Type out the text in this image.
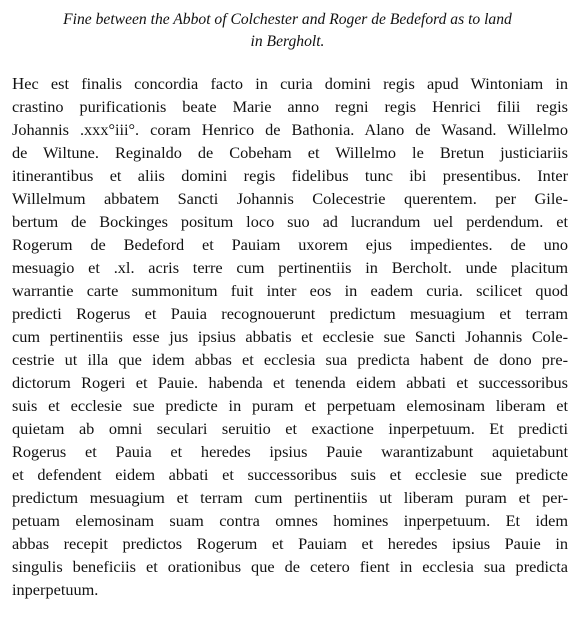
Fine between the Abbot of Colchester and Roger de Bedeford as to land
in Bergholt.
Hec est finalis concordia facto in curia domini regis apud Wintoniam in
crastino purificationis beate Marie anno regni regis Henrici filii regis
Johannis .xxx°iii°. coram Henrico de Bathonia. Alano de Wasand. Willelmo
de Wiltune. Reginaldo de Cobeham et Willelmo le Bretun justiciariis
itinerantibus et aliis domini regis fidelibus tunc ibi presentibus. Inter
Willelmum abbatem Sancti Johannis Colecestrie querentem. per Gile-
bertum de Bockinges positum loco suo ad lucrandum uel perdendum. et
Rogerum de Bedeford et Pauiam uxorem ejus impedientes. de uno
mesuagio et .xl. acris terre cum pertinentiis in Bercholt. unde placitum
warrantie carte summonitum fuit inter eos in eadem curia. scilicet quod
predicti Rogerus et Pauia recognouerunt predictum mesuagium et terram
cum pertinentiis esse jus ipsius abbatis et ecclesie sue Sancti Johannis Cole-
cestrie ut illa que idem abbas et ecclesia sua predicta habent de dono pre-
dictorum Rogeri et Pauie. habenda et tenenda eidem abbati et successoribus
suis et ecclesie sue predicte in puram et perpetuam elemosinam liberam et
quietam ab omni seculari seruitio et exactione inperpetuum. Et predicti
Rogerus et Pauia et heredes ipsius Pauie warantizabunt aquietabunt
et defendent eidem abbati et successoribus suis et ecclesie sue predicte
predictum mesuagium et terram cum pertinentiis ut liberam puram et per-
petuam elemosinam suam contra omnes homines inperpetuum. Et idem
abbas recepit predictos Rogerum et Pauiam et heredes ipsius Pauie in
singulis beneficiis et orationibus que de cetero fient in ecclesia sua predicta
inperpetuum.
